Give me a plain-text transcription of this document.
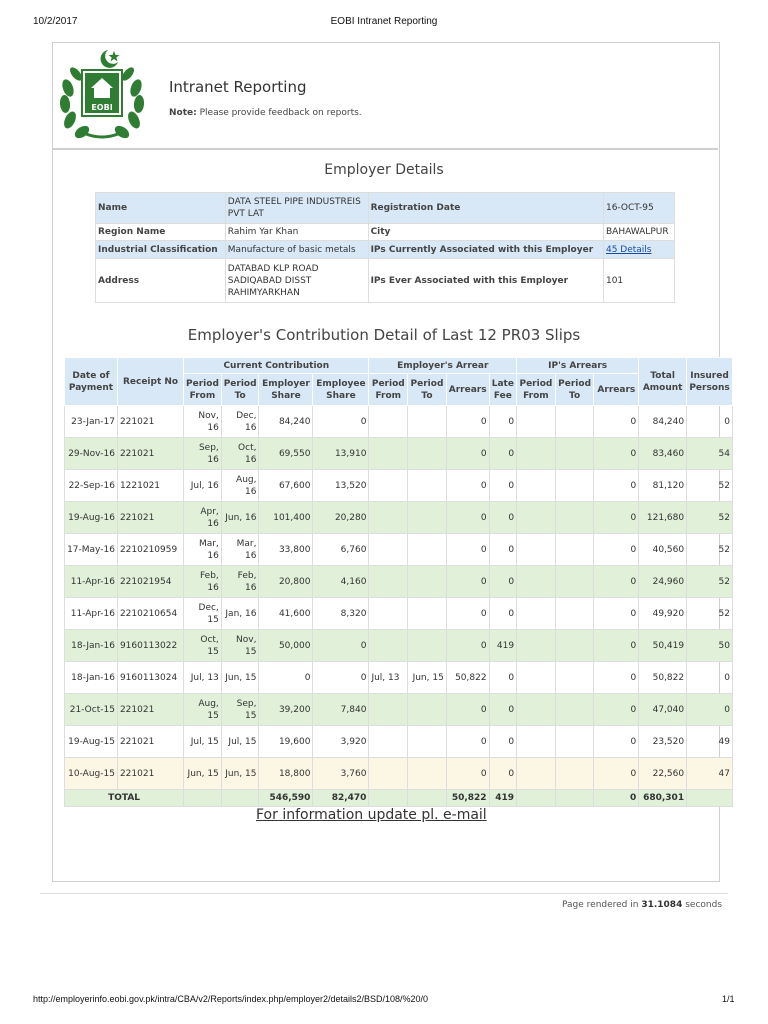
10/2/2017	EOBI Intranet Reporting
EOBI
Intranet Reporting
Note: Please provide feedback on reports.
Employer Details
Name	DATA STEEL PIPE INDUSTREIS PVT LAT	Registration Date	16-OCT-95
Region Name	Rahim Yar Khan	City	BAHAWALPUR
Industrial Classification	Manufacture of basic metals	IPs Currently Associated with this Employer	45 Details
Address	DATABAD KLP ROAD
SADIQABAD DISST
RAHIMYARKHAN	IPs Ever Associated with this Employer	101
Employer's Contribution Detail of Last 12 PR03 Slips
Date of Payment	Receipt No	Current Contribution				Employer's Arrear				IP's Arrears			Total Amount	Insured Persons
		Period From	Period To	Employer Share	Employee Share	Period From	Period To	Arrears	Late Fee	Period From	Period To	Arrears		
23-Jan-17	221021	Nov, 16	Dec, 16	84,240	0			0	0			0	84,240	0
29-Nov-16	221021	Sep, 16	Oct, 16	69,550	13,910			0	0			0	83,460	54
22-Sep-16	1221021	Jul, 16	Aug, 16	67,600	13,520			0	0			0	81,120	52
19-Aug-16	221021	Apr, 16	Jun, 16	101,400	20,280			0	0			0	121,680	52
17-May-16	2210210959	Mar, 16	Mar, 16	33,800	6,760			0	0			0	40,560	52
11-Apr-16	221021954	Feb, 16	Feb, 16	20,800	4,160			0	0			0	24,960	52
11-Apr-16	2210210654	Dec, 15	Jan, 16	41,600	8,320			0	0			0	49,920	52
18-Jan-16	9160113022	Oct, 15	Nov, 15	50,000	0			0	419			0	50,419	50
18-Jan-16	9160113024	Jul, 13	Jun, 15	0	0	Jul, 13	Jun, 15	50,822	0			0	50,822	0
21-Oct-15	221021	Aug, 15	Sep, 15	39,200	7,840			0	0			0	47,040	0
19-Aug-15	221021	Jul, 15	Jul, 15	19,600	3,920			0	0			0	23,520	49
10-Aug-15	221021	Jun, 15	Jun, 15	18,800	3,760			0	0			0	22,560	47
TOTAL				546,590	82,470			50,822	419			0	680,301	
For information update pl. e-mail
Page rendered in 31.1084 seconds
http://employerinfo.eobi.gov.pk/intra/CBA/v2/Reports/index.php/employer2/details2/BSD/108/%20/0	1/1
